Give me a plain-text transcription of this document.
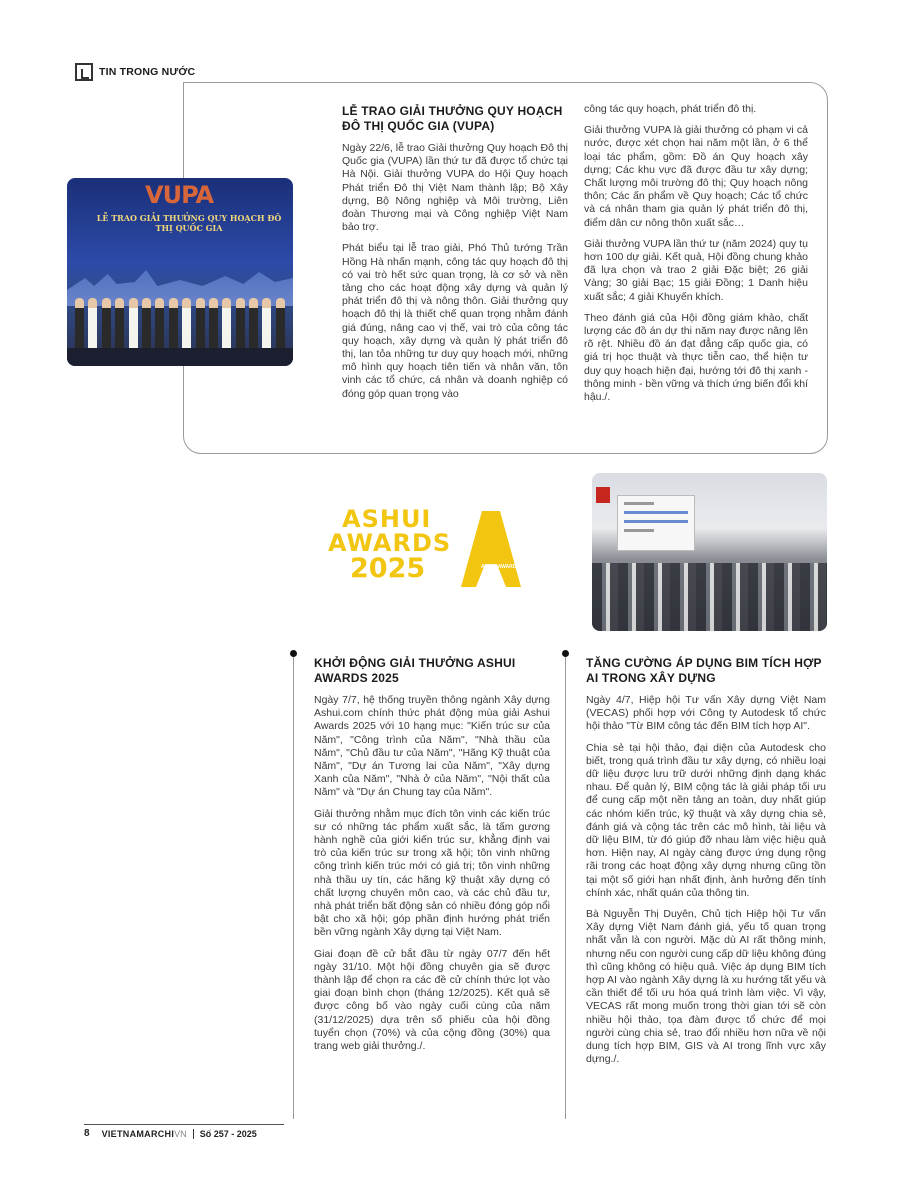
TIN TRONG NƯỚC
VUPA
LỄ TRAO GIẢI THƯỞNG QUY HOẠCH ĐÔ THỊ QUỐC GIA
LỄ TRAO GIẢI THƯỞNG QUY HOẠCH ĐÔ THỊ QUỐC GIA (VUPA)

Ngày 22/6, lễ trao Giải thưởng Quy hoạch Đô thị Quốc gia (VUPA) lần thứ tư đã được tổ chức tại Hà Nội. Giải thưởng VUPA do Hội Quy hoạch Phát triển Đô thị Việt Nam thành lập; Bộ Xây dựng, Bộ Nông nghiệp và Môi trường, Liên đoàn Thương mại và Công nghiệp Việt Nam bảo trợ.

Phát biểu tại lễ trao giải, Phó Thủ tướng Trần Hồng Hà nhấn mạnh, công tác quy hoạch đô thị có vai trò hết sức quan trọng, là cơ sở và nền tảng cho các hoạt động xây dựng và quản lý phát triển đô thị và nông thôn. Giải thưởng quy hoạch đô thị là thiết chế quan trọng nhằm đánh giá đúng, nâng cao vị thế, vai trò của công tác quy hoạch, xây dựng và quản lý phát triển đô thị, lan tỏa những tư duy quy hoạch mới, những mô hình quy hoạch tiên tiến và nhân văn, tôn vinh các tổ chức, cá nhân và doanh nghiệp có đóng góp quan trọng vào

công tác quy hoạch, phát triển đô thị.

Giải thưởng VUPA là giải thưởng có phạm vi cả nước, được xét chọn hai năm một lần, ở 6 thể loại tác phẩm, gồm: Đồ án Quy hoạch xây dựng; Các khu vực đã được đầu tư xây dựng; Chất lượng môi trường đô thị; Quy hoạch nông thôn; Các ấn phẩm về Quy hoạch; Các tổ chức và cá nhân tham gia quản lý phát triển đô thị, điểm dân cư nông thôn xuất sắc…

Giải thưởng VUPA lần thứ tư (năm 2024) quy tụ hơn 100 dự giải. Kết quả, Hội đồng chung khảo đã lựa chọn và trao 2 giải Đặc biệt; 26 giải Vàng; 30 giải Bạc; 15 giải Đồng; 1 Danh hiệu xuất sắc; 4 giải Khuyến khích.

Theo đánh giá của Hội đồng giám khảo, chất lượng các đồ án dự thi năm nay được nâng lên rõ rệt. Nhiều đồ án đạt đẳng cấp quốc gia, có giá trị học thuật và thực tiễn cao, thể hiện tư duy quy hoạch hiện đại, hướng tới đô thị xanh - thông minh - bền vững và thích ứng biến đổi khí hậu./.

ASHUI
AWARDS
2025	ASHUI AWARDS
KHỞI ĐỘNG GIẢI THƯỞNG ASHUI AWARDS 2025

Ngày 7/7, hệ thống truyền thông ngành Xây dựng Ashui.com chính thức phát động mùa giải Ashui Awards 2025 với 10 hạng mục: "Kiến trúc sư của Năm", "Công trình của Năm", "Nhà thầu của Năm", "Chủ đầu tư của Năm", "Hãng Kỹ thuật của Năm", "Dự án Tương lai của Năm", "Xây dựng Xanh của Năm", "Nhà ở của Năm", "Nội thất của Năm" và "Dự án Chung tay của Năm".

Giải thưởng nhằm mục đích tôn vinh các kiến trúc sư có những tác phẩm xuất sắc, là tấm gương hành nghề của giới kiến trúc sư, khẳng định vai trò của kiến trúc sư trong xã hội; tôn vinh những công trình kiến trúc mới có giá trị; tôn vinh những nhà thầu uy tín, các hãng kỹ thuật xây dựng có chất lượng chuyên môn cao, và các chủ đầu tư, nhà phát triển bất động sản có nhiều đóng góp nổi bật cho xã hội; góp phần định hướng phát triển bền vững ngành Xây dựng tại Việt Nam.

Giai đoạn đề cử bắt đầu từ ngày 07/7 đến hết ngày 31/10. Một hội đồng chuyên gia sẽ được thành lập để chọn ra các đề cử chính thức lọt vào giai đoạn bình chọn (tháng 12/2025). Kết quả sẽ được công bố vào ngày cuối cùng của năm (31/12/2025) dựa trên số phiếu của hội đồng tuyển chọn (70%) và của cộng đồng (30%) qua trang web giải thưởng./.

TĂNG CƯỜNG ÁP DỤNG BIM TÍCH HỢP AI TRONG XÂY DỰNG

Ngày 4/7, Hiệp hội Tư vấn Xây dựng Việt Nam (VECAS) phối hợp với Công ty Autodesk tổ chức hội thảo "Từ BIM công tác đến BIM tích hợp AI".

Chia sẻ tại hội thảo, đại diện của Autodesk cho biết, trong quá trình đầu tư xây dựng, có nhiều loại dữ liệu được lưu trữ dưới những định dạng khác nhau. Để quản lý, BIM cộng tác là giải pháp tối ưu để cung cấp một nền tảng an toàn, duy nhất giúp các nhóm kiến trúc, kỹ thuật và xây dựng chia sẻ, đánh giá và cộng tác trên các mô hình, tài liệu và dữ liệu BIM, từ đó giúp đỡ nhau làm việc hiệu quả hơn. Hiện nay, AI ngày càng được ứng dụng rộng rãi trong các hoạt động xây dựng nhưng cũng tồn tại một số giới hạn nhất định, ảnh hưởng đến tính chính xác, nhất quán của thông tin.

Bà Nguyễn Thị Duyên, Chủ tịch Hiệp hội Tư vấn Xây dựng Việt Nam đánh giá, yếu tố quan trọng nhất vẫn là con người. Mặc dù AI rất thông minh, nhưng nếu con người cung cấp dữ liệu không đúng thì cũng không có hiệu quả. Việc áp dụng BIM tích hợp AI vào ngành Xây dựng là xu hướng tất yếu và cần thiết để tối ưu hóa quá trình làm việc. Vì vậy, VECAS rất mong muốn trong thời gian tới sẽ còn nhiều hội thảo, tọa đàm được tổ chức để mọi người cùng chia sẻ, trao đổi nhiều hơn nữa về nội dung tích hợp BIM, GIS và AI trong lĩnh vực xây dựng./.

8 VIETNAMARCHI VN Số 257 - 2025
